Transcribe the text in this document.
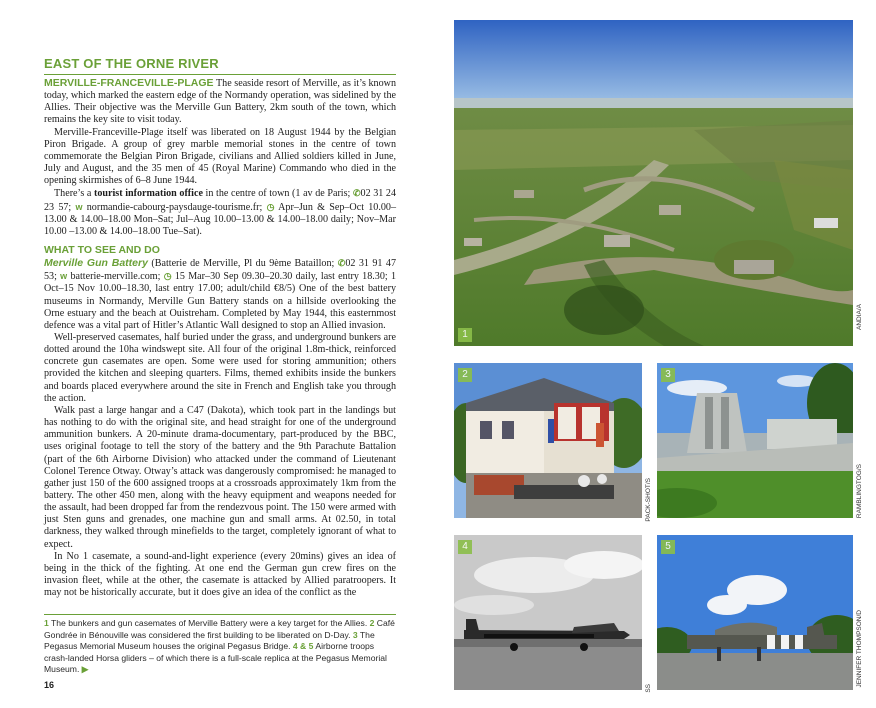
EAST OF THE ORNE RIVER

MERVILLE-FRANCEVILLE-PLAGE The seaside resort of Merville, as it’s known today, which marked the eastern edge of the Normandy operation, was sidelined by the Allies. Their objective was the Merville Gun Battery, 2km south of the town, which remains the key site to visit today.

Merville-Franceville-Plage itself was liberated on 18 August 1944 by the Belgian Piron Brigade. A group of grey marble memorial stones in the centre of town commemorate the Belgian Piron Brigade, civilians and Allied soldiers killed in June, July and August, and the 35 men of 45 (Royal Marine) Commando who died in the opening skirmishes of 6–8 June 1944.

There’s a tourist information office in the centre of town (1 av de Paris; ✆02 31 24 23 57; w normandie-cabourg-paysdauge-tourisme.fr; ◷ Apr–Jun & Sep–Oct 10.00–13.00 & 14.00–18.00 Mon–Sat; Jul–Aug 10.00–13.00 & 14.00–18.00 daily; Nov–Mar 10.00 –13.00 & 14.00–18.00 Tue–Sat).

WHAT TO SEE AND DO

Merville Gun Battery (Batterie de Merville, Pl du 9ème Bataillon; ✆02 31 91 47 53; w batterie-merville.com; ◷ 15 Mar–30 Sep 09.30–20.30 daily, last entry 18.30; 1 Oct–15 Nov 10.00–18.30, last entry 17.00; adult/child €8/5) One of the best battery museums in Normandy, Merville Gun Battery stands on a hillside overlooking the Orne estuary and the beach at Ouistreham. Completed by May 1944, this easternmost defence was a vital part of Hitler’s Atlantic Wall designed to stop an Allied invasion.

Well-preserved casemates, half buried under the grass, and underground bunkers are dotted around the 10ha windswept site. All four of the original 1.8m-thick, reinforced concrete gun casemates are open. Some were used for storing ammunition; others provided the kitchen and sleeping quarters. Films, themed exhibits inside the bunkers and boards placed everywhere around the site in French and English take you through the action.

Walk past a large hangar and a C47 (Dakota), which took part in the landings but has nothing to do with the original site, and head straight for one of the underground ammunition bunkers. A 20-minute drama-documentary, part-produced by the BBC, uses original footage to tell the story of the battery and the 9th Parachute Battalion (part of the 6th Airborne Division) who attacked under the command of Lieutenant Colonel Terence Otway. Otway’s attack was dangerously compromised: he managed to gather just 150 of the 600 assigned troops at a crossroads approximately 1km from the battery. The other 450 men, along with the heavy equipment and weapons needed for the assault, had been dropped far from the rendezvous point. The 150 were armed with just Sten guns and grenades, one machine gun and small arms. At 02.50, in total darkness, they walked through minefields to the target, completely ignorant of what to expect.

In No 1 casemate, a sound-and-light experience (every 20mins) gives an idea of being in the thick of the fighting. At one end the German gun crew fires on the invasion fleet, while at the other, the casemate is attacked by Allied paratroopers. It may not be historically accurate, but it does give an idea of the conflict as the

1 The bunkers and gun casemates of Merville Battery were a key target for the Allies. 2 Café Gondrée in Bénouville was considered the first building to be liberated on D-Day. 3 The Pegasus Memorial Museum houses the original Pegasus Bridge. 4 & 5 Airborne troops crash-landed Horsa gliders – of which there is a full-scale replica at the Pegasus Memorial Museum. ▶
16
1
ANDIA/A
2
PACK-SHOT/S
3
RAMBLINGTOG/S
4
SS
5
JENNIFER THOMPSON/D
